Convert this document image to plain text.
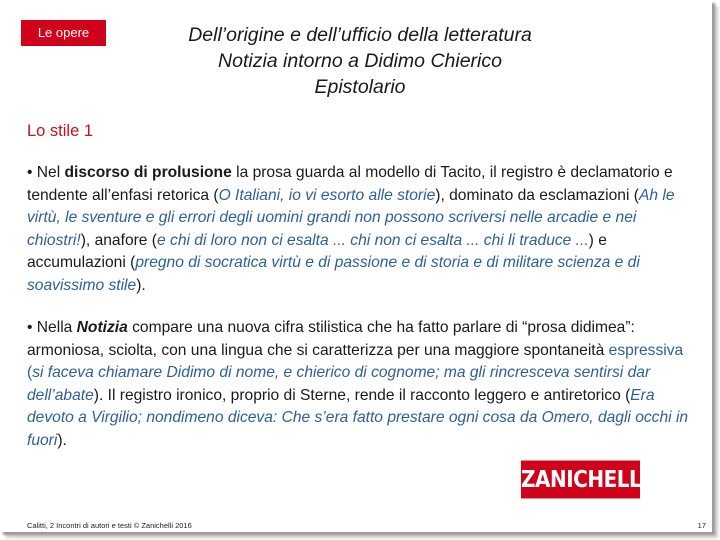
Le opere	Dell’origine e dell’ufficio della letteratura
Notizia intorno a Didimo Chierico
Epistolario
Lo stile 1
• Nel discorso di prolusione la prosa guarda al modello di Tacito, il registro è declamatorio e tendente all’enfasi retorica (O Italiani, io vi esorto alle storie), dominato da esclamazioni (Ah le virtù, le sventure e gli errori degli uomini grandi non possono scriversi nelle arcadie e nei chiostri!), anafore (e chi di loro non ci esalta ... chi non ci esalta ... chi li traduce ...) e accumulazioni (pregno di socratica virtù e di passione e di storia e di militare scienza e di soavissimo stile).
• Nella Notizia compare una nuova cifra stilistica che ha fatto parlare di “prosa didimea”: armoniosa, sciolta, con una lingua che si caratterizza per una maggiore spontaneità espressiva (si faceva chiamare Didimo di nome, e chierico di cognome; ma gli rincresceva sentirsi dar dell’abate). Il registro ironico, proprio di Sterne, rende il racconto leggero e antiretorico (Era devoto a Virgilio; nondimeno diceva: Che s’era fatto prestare ogni cosa da Omero, dagli occhi in fuori).
ZANICHELLI
Calitti, 2 Incontri di autori e testi © Zanichelli 2016	17
